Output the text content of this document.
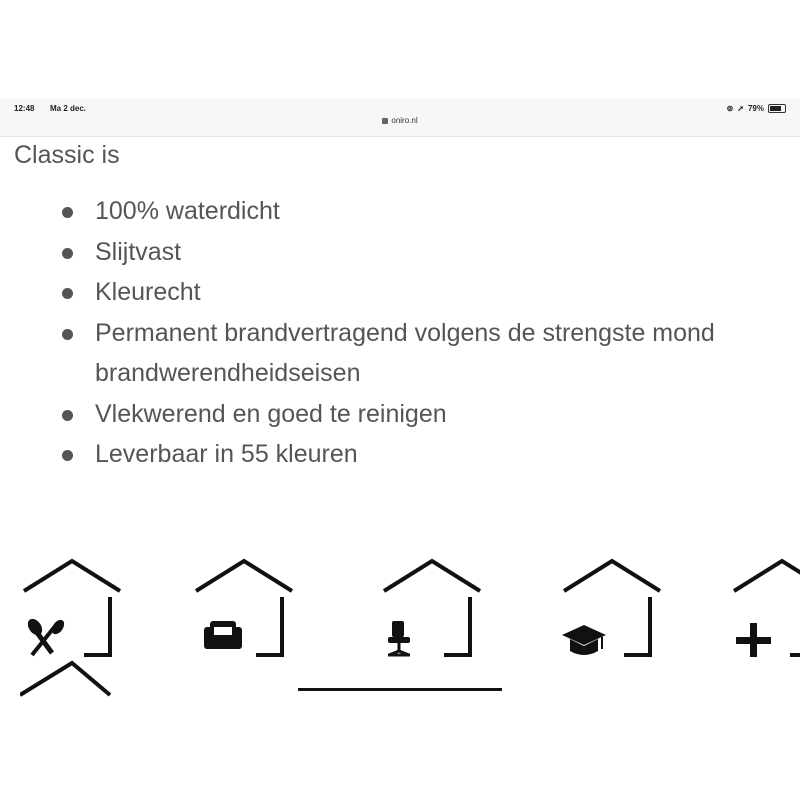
12:48 Ma 2 dec.
oniro.nl
⊚ ➚ 79%
Classic is
100% waterdicht
Slijtvast
Kleurecht
Permanent brandvertragend volgens de strengste mond
brandwerendheidseisen
Vlekwerend en goed te reinigen
Leverbaar in 55 kleuren
